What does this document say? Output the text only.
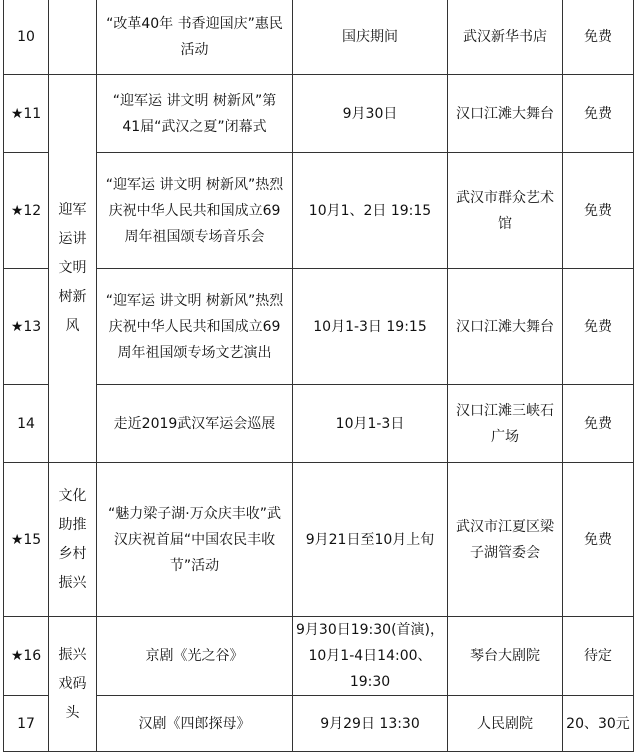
10		“改革40年 书香迎国庆”惠民活动	国庆期间	武汉新华书店	免费
★11	迎军运讲文明树新风	“迎军运 讲文明 树新风”第41届“武汉之夏”闭幕式	9月30日	汉口江滩大舞台	免费
★12		“迎军运 讲文明 树新风”热烈庆祝中华人民共和国成立69周年祖国颂专场音乐会	10月1、2日 19:15	武汉市群众艺术馆	免费
★13		“迎军运 讲文明 树新风”热烈庆祝中华人民共和国成立69周年祖国颂专场文艺演出	10月1-3日 19:15	汉口江滩大舞台	免费
14		走近2019武汉军运会巡展	10月1-3日	汉口江滩三峡石广场	免费
★15	文化助推乡村振兴	“魅力梁子湖·万众庆丰收”武汉庆祝首届“中国农民丰收节”活动	9月21日至10月上旬	武汉市江夏区梁子湖管委会	免费
★16	振兴戏码头	京剧《光之谷》	9月30日19:30(首演)，10月1-4日14:00、19:30	琴台大剧院	待定
17		汉剧《四郎探母》	9月29日 13:30	人民剧院	20、30元
